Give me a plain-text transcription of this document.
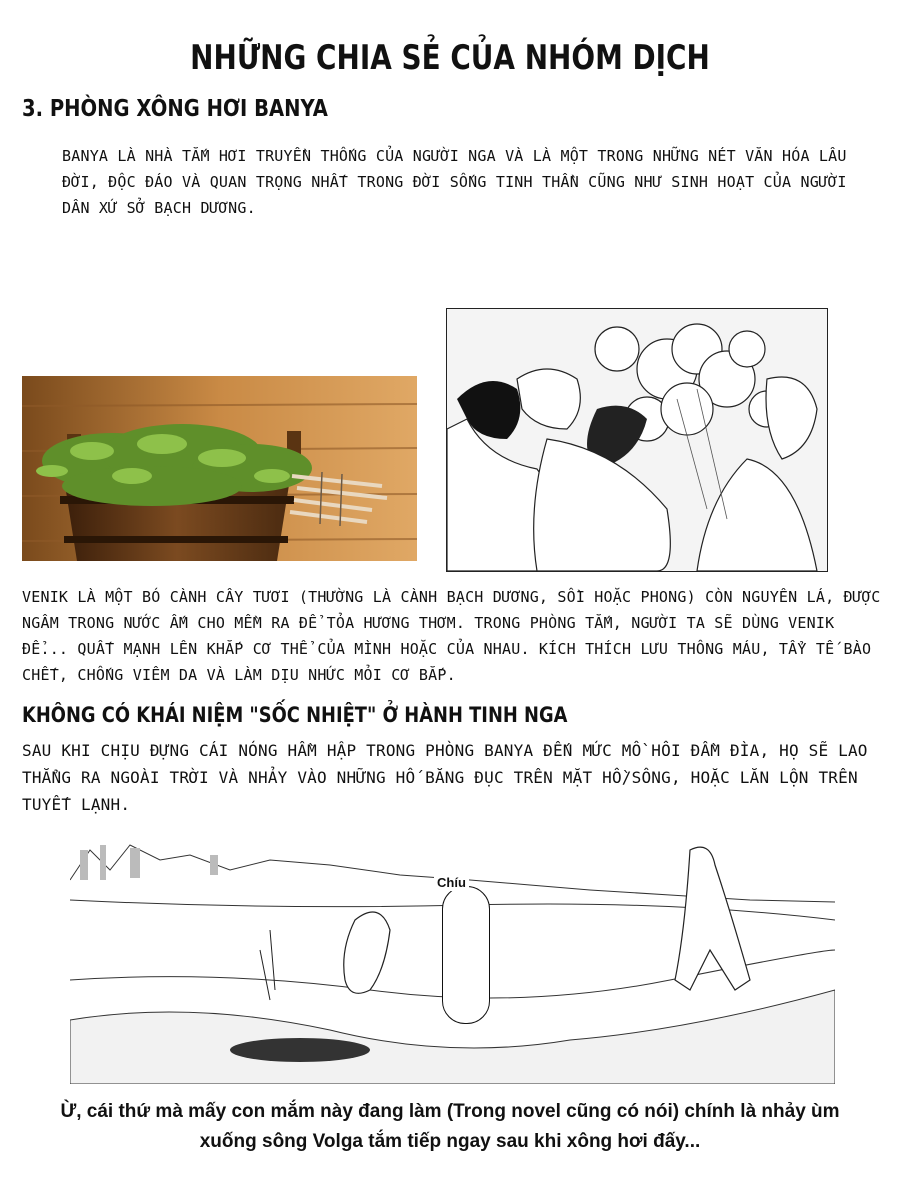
NHỮNG CHIA SẺ CỦA NHÓM DỊCH
3. PHÒNG XÔNG HƠI BANYA
BANYA LÀ NHÀ TẮM HƠI TRUYỀN THỐNG CỦA NGƯỜI NGA VÀ LÀ MỘT TRONG NHỮNG NÉT VĂN HÓA LÂU ĐỜI, ĐỘC ĐÁO VÀ QUAN TRỌNG NHẤT TRONG ĐỜI SỐNG TINH THẦN CŨNG NHƯ SINH HOẠT CỦA NGƯỜI DÂN XỨ SỞ BẠCH DƯƠNG.
VENIK LÀ MỘT BÓ CÀNH CÂY TƯƠI (THƯỜNG LÀ CÀNH BẠCH DƯƠNG, SỒI HOẶC PHONG) CÒN NGUYÊN LÁ, ĐƯỢC NGÂM TRONG NƯỚC ẤM CHO MỀM RA ĐỂ TỎA HƯƠNG THƠM. TRONG PHÒNG TẮM, NGƯỜI TA SẼ DÙNG VENIK ĐỂ... QUẤT MẠNH LÊN KHẮP CƠ THỂ CỦA MÌNH HOẶC CỦA NHAU. KÍCH THÍCH LƯU THÔNG MÁU, TẨY TẾ BÀO CHẾT, CHỐNG VIÊM DA VÀ LÀM DỊU NHỨC MỎI CƠ BẮP.
KHÔNG CÓ KHÁI NIỆM "SỐC NHIỆT" Ở HÀNH TINH NGA
SAU KHI CHỊU ĐỰNG CÁI NÓNG HẦM HẬP TRONG PHÒNG BANYA ĐẾN MỨC MỒ HÔI ĐẦM ĐÌA, HỌ SẼ LAO THẲNG RA NGOÀI TRỜI VÀ NHẢY VÀO NHỮNG HỐ BĂNG ĐỤC TRÊN MẶT HỒ/SÔNG, HOẶC LĂN LỘN TRÊN TUYẾT LẠNH.
Chíu
Ừ, cái thứ mà mấy con mắm này đang làm (Trong novel cũng có nói) chính là nhảy ùm xuống sông Volga tắm tiếp ngay sau khi xông hơi đấy...
